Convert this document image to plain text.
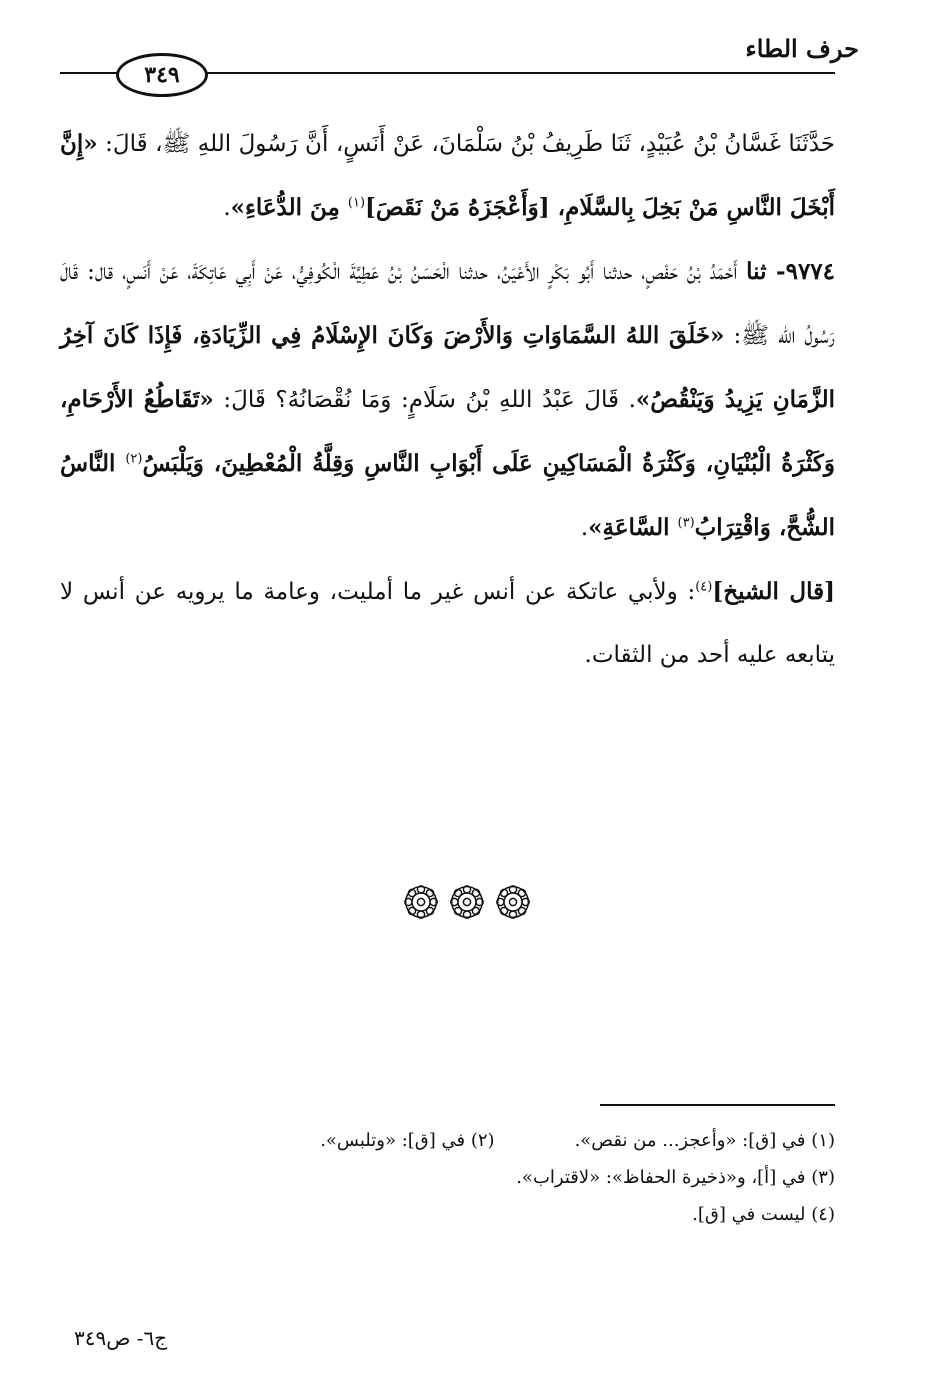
حرف الطاء
٣٤٩

حَدَّثَنَا غَسَّانُ بْنُ عُبَيْدٍ، ثَنَا طَرِيفُ بْنُ سَلْمَانَ، عَنْ أَنَسٍ، أَنَّ رَسُولَ اللهِ ﷺ، قَالَ: «إِنَّ أَبْخَلَ النَّاسِ مَنْ بَخِلَ بِالسَّلَامِ، [وَأَعْجَزَهُ مَنْ نَقَصَ]$^{(١)}$ مِنَ الدُّعَاءِ».

٩٧٧٤- ثنا أَحْمَدُ بْنُ حَفْصٍ، حدثنا أَبُو بَكْرٍ الأَعْيَنُ، حدثنا الْحَسَنُ بْنُ عَطِيَّةَ الْكُوفِيُّ، عَنْ أَبِي عَاتِكَةَ، عَنْ أَنَسٍ، قال: قَالَ رَسُولُ الله ﷺ: «خَلَقَ اللهُ السَّمَاوَاتِ وَالأَرْضَ وَكَانَ الإِسْلَامُ فِي الزِّيَادَةِ، فَإِذَا كَانَ آخِرُ الزَّمَانِ يَزِيدُ وَيَنْقُصُ». قَالَ عَبْدُ اللهِ بْنُ سَلَامٍ: وَمَا نُقْصَانُهُ؟ قَالَ: «تَقَاطُعُ الأَرْحَامِ، وَكَثْرَةُ الْبُنْيَانِ، وَكَثْرَةُ الْمَسَاكِينِ عَلَى أَبْوَابِ النَّاسِ وَقِلَّةُ الْمُعْطِينَ، وَيَلْبَسُ$^{(٢)}$ النَّاسُ الشُّحَّ، وَاقْتِرَابُ$^{(٣)}$ السَّاعَةِ».

[قال الشيخ]$^{(٤)}$: ولأبي عاتكة عن أنس غير ما أمليت، وعامة ما يرويه عن أنس لا يتابعه عليه أحد من الثقات.

(١) في [ق]: «وأعجز... من نقص».
(٢) في [ق]: «وتلبس».
(٣) في [أ]، و«ذخيرة الحفاظ»: «لاقتراب».
(٤) ليست في [ق].
ج٦- ص٣٤٩
